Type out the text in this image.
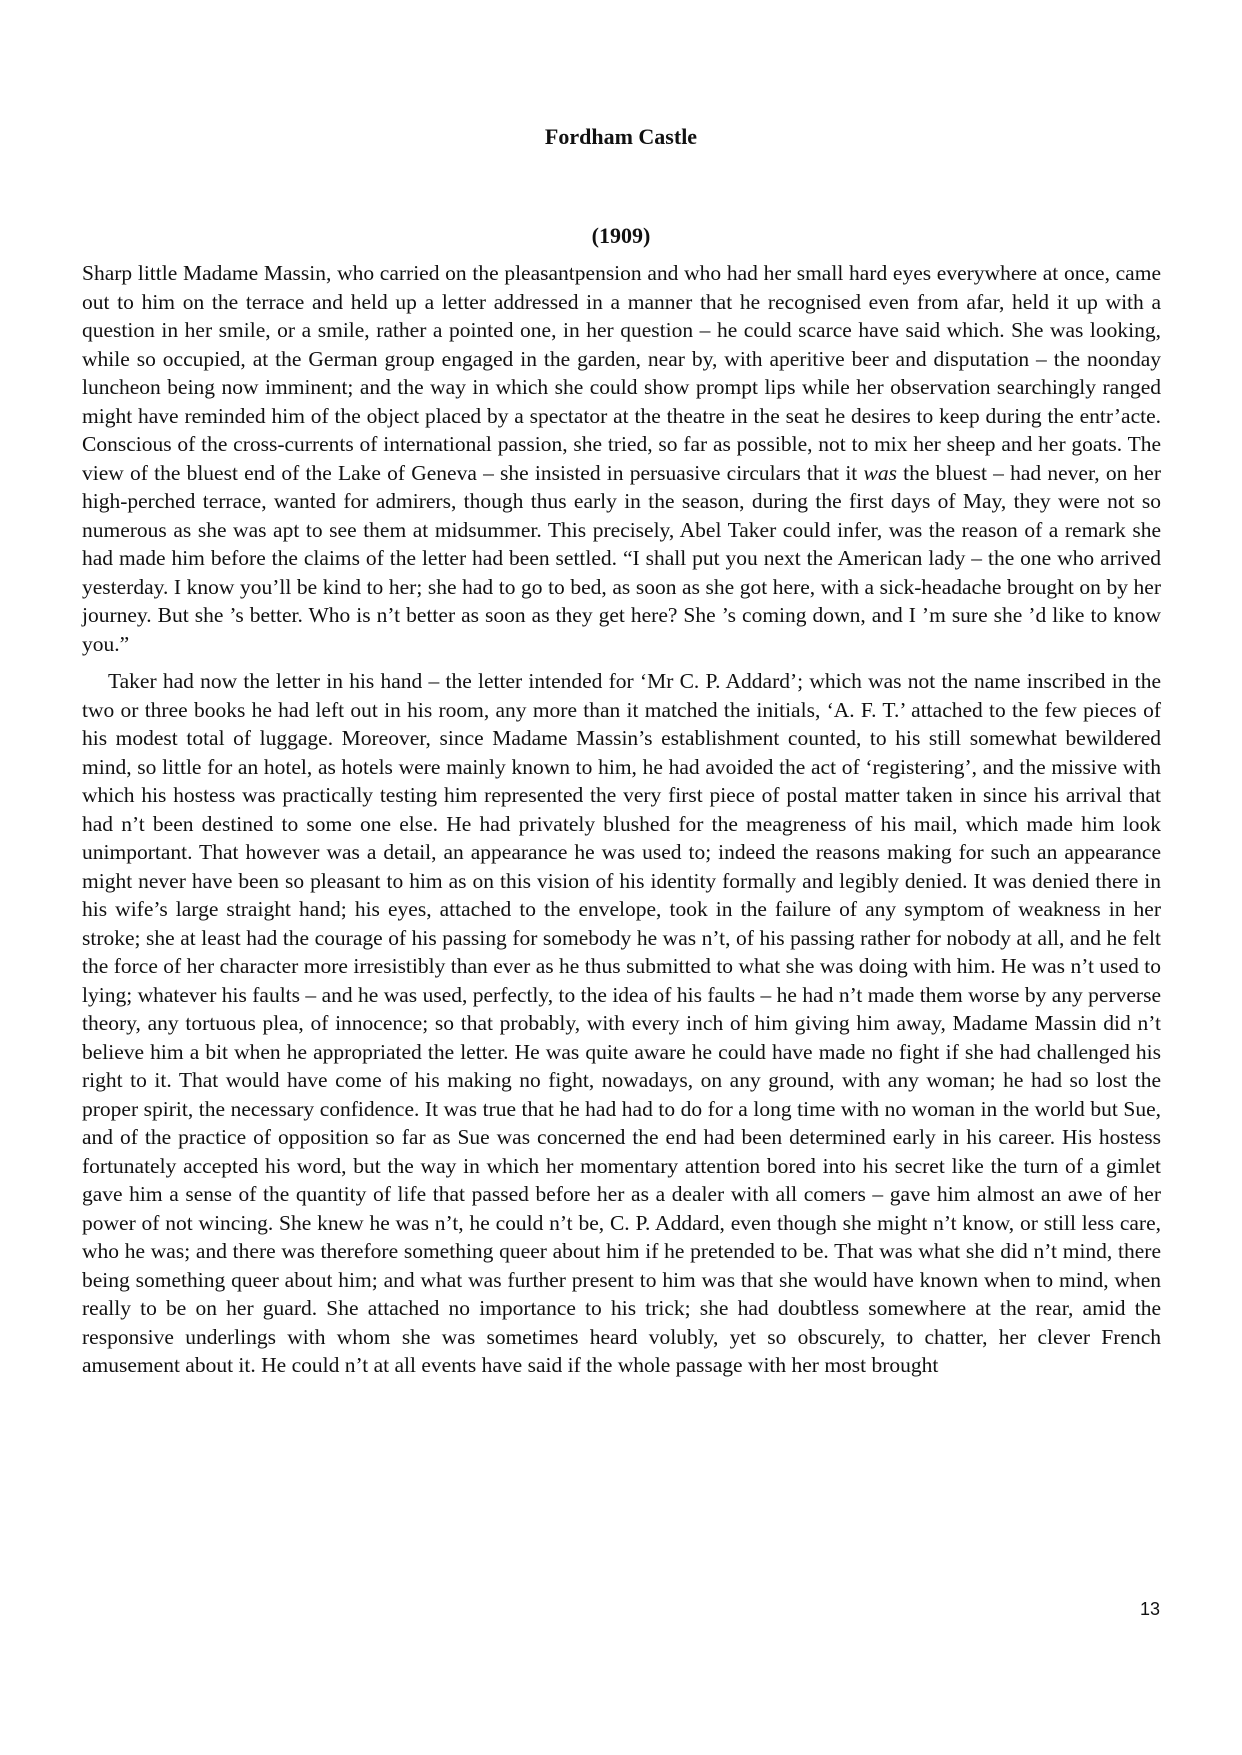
Fordham Castle
(1909)

Sharp little Madame Massin, who carried on the pleasantpension and who had her small hard eyes everywhere at once, came out to him on the terrace and held up a letter addressed in a manner that he recognised even from afar, held it up with a question in her smile, or a smile, rather a pointed one, in her question – he could scarce have said which. She was looking, while so occupied, at the German group engaged in the garden, near by, with aperitive beer and disputation – the noonday luncheon being now imminent; and the way in which she could show prompt lips while her observation searchingly ranged might have reminded him of the object placed by a spectator at the theatre in the seat he desires to keep during the entr’acte. Conscious of the cross-currents of international passion, she tried, so far as possible, not to mix her sheep and her goats. The view of the bluest end of the Lake of Geneva – she insisted in persuasive circulars that it was the bluest – had never, on her high-perched terrace, wanted for admirers, though thus early in the season, during the first days of May, they were not so numerous as she was apt to see them at midsummer. This precisely, Abel Taker could infer, was the reason of a remark she had made him before the claims of the letter had been settled. “I shall put you next the American lady – the one who arrived yesterday. I know you’ll be kind to her; she had to go to bed, as soon as she got here, with a sick-headache brought on by her journey. But she ’s better. Who is n’t better as soon as they get here? She ’s coming down, and I ’m sure she ’d like to know you.”

Taker had now the letter in his hand – the letter intended for ‘Mr C. P. Addard’; which was not the name inscribed in the two or three books he had left out in his room, any more than it matched the initials, ‘A. F. T.’ attached to the few pieces of his modest total of luggage. Moreover, since Madame Massin’s establishment counted, to his still somewhat bewildered mind, so little for an hotel, as hotels were mainly known to him, he had avoided the act of ‘registering’, and the missive with which his hostess was practically testing him represented the very first piece of postal matter taken in since his arrival that had n’t been destined to some one else. He had privately blushed for the meagreness of his mail, which made him look unimportant. That however was a detail, an appearance he was used to; indeed the reasons making for such an appearance might never have been so pleasant to him as on this vision of his identity formally and legibly denied. It was denied there in his wife’s large straight hand; his eyes, attached to the envelope, took in the failure of any symptom of weakness in her stroke; she at least had the courage of his passing for somebody he was n’t, of his passing rather for nobody at all, and he felt the force of her character more irresistibly than ever as he thus submitted to what she was doing with him. He was n’t used to lying; whatever his faults – and he was used, perfectly, to the idea of his faults – he had n’t made them worse by any perverse theory, any tortuous plea, of innocence; so that probably, with every inch of him giving him away, Madame Massin did n’t believe him a bit when he appropriated the letter. He was quite aware he could have made no fight if she had challenged his right to it. That would have come of his making no fight, nowadays, on any ground, with any woman; he had so lost the proper spirit, the necessary confidence. It was true that he had had to do for a long time with no woman in the world but Sue, and of the practice of opposition so far as Sue was concerned the end had been determined early in his career. His hostess fortunately accepted his word, but the way in which her momentary attention bored into his secret like the turn of a gimlet gave him a sense of the quantity of life that passed before her as a dealer with all comers – gave him almost an awe of her power of not wincing. She knew he was n’t, he could n’t be, C. P. Addard, even though she might n’t know, or still less care, who he was; and there was therefore something queer about him if he pretended to be. That was what she did n’t mind, there being something queer about him; and what was further present to him was that she would have known when to mind, when really to be on her guard. She attached no importance to his trick; she had doubtless somewhere at the rear, amid the responsive underlings with whom she was sometimes heard volubly, yet so obscurely, to chatter, her clever French amusement about it. He could n’t at all events have said if the whole passage with her most brought

13
